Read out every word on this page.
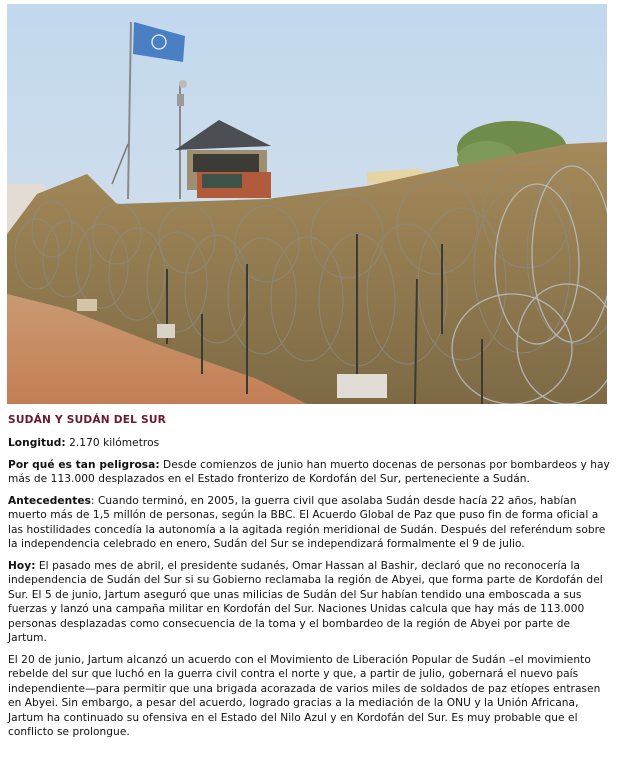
SUDÁN Y SUDÁN DEL SUR

Longitud: 2.170 kilómetros

Por qué es tan peligrosa: Desde comienzos de junio han muerto docenas de personas por bombardeos y hay más de 113.000 desplazados en el Estado fronterizo de Kordofán del Sur, perteneciente a Sudán.

Antecedentes: Cuando terminó, en 2005, la guerra civil que asolaba Sudán desde hacía 22 años, habían muerto más de 1,5 millón de personas, según la BBC. El Acuerdo Global de Paz que puso fin de forma oficial a las hostilidades concedía la autonomía a la agitada región meridional de Sudán. Después del referéndum sobre la independencia celebrado en enero, Sudán del Sur se independizará formalmente el 9 de julio.

Hoy: El pasado mes de abril, el presidente sudanés, Omar Hassan al Bashir, declaró que no reconocería la independencia de Sudán del Sur si su Gobierno reclamaba la región de Abyei, que forma parte de Kordofán del Sur. El 5 de junio, Jartum aseguró que unas milicias de Sudán del Sur habían tendido una emboscada a sus fuerzas y lanzó una campaña militar en Kordofán del Sur. Naciones Unidas calcula que hay más de 113.000 personas desplazadas como consecuencia de la toma y el bombardeo de la región de Abyei por parte de Jartum.

El 20 de junio, Jartum alcanzó un acuerdo con el Movimiento de Liberación Popular de Sudán –el movimiento rebelde del sur que luchó en la guerra civil contra el norte y que, a partir de julio, gobernará el nuevo país independiente—para permitir que una brigada acorazada de varios miles de soldados de paz etíopes entrasen en Abyei. Sin embargo, a pesar del acuerdo, logrado gracias a la mediación de la ONU y la Unión Africana, Jartum ha continuado su ofensiva en el Estado del Nilo Azul y en Kordofán del Sur. Es muy probable que el conflicto se prolongue.
